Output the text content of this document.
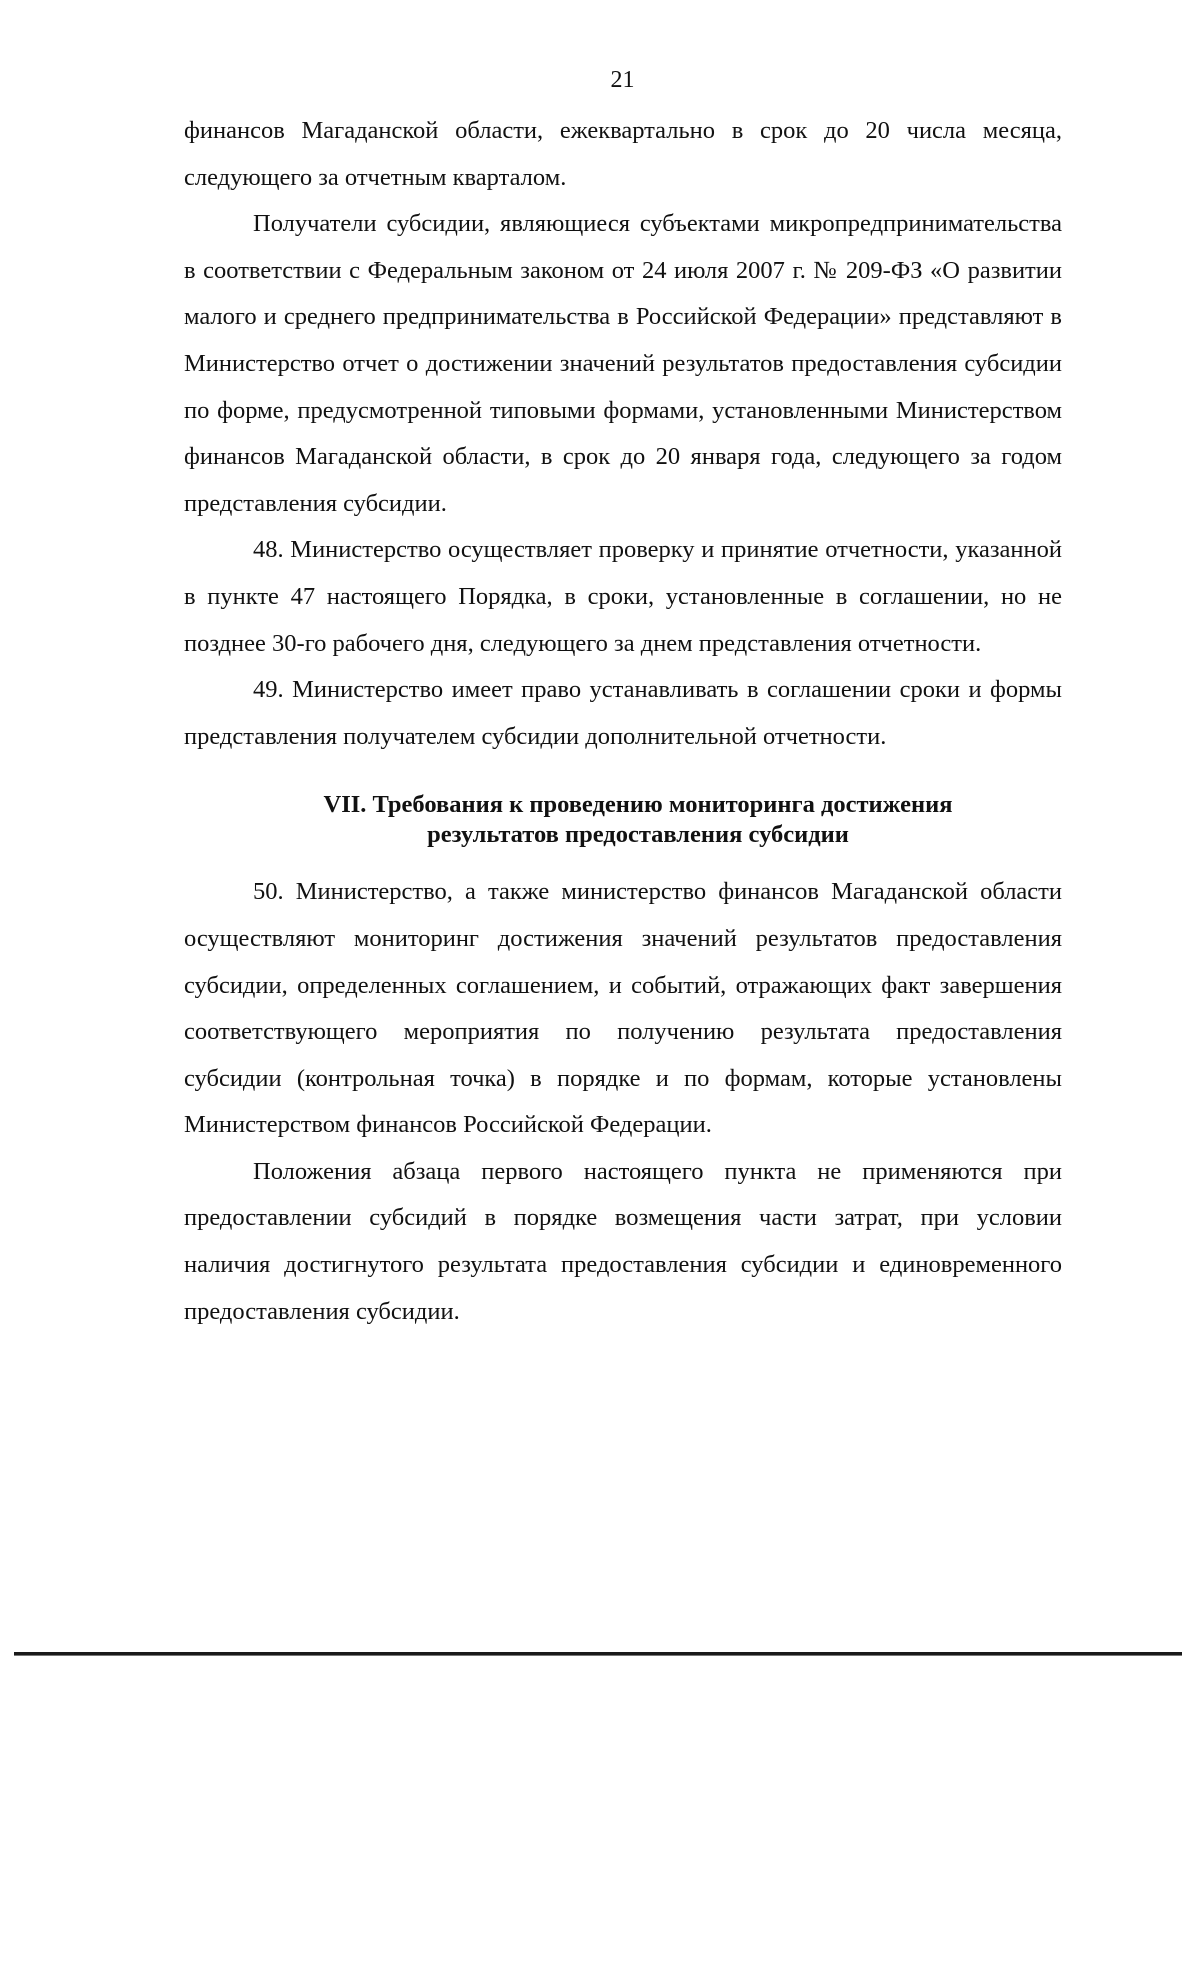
21

финансов Магаданской области, ежеквартально в срок до 20 числа месяца, следующего за отчетным кварталом.

Получатели субсидии, являющиеся субъектами микропредпринимательства в соответствии с Федеральным законом от 24 июля 2007 г. № 209-ФЗ «О развитии малого и среднего предпринимательства в Российской Федерации» представляют в Министерство отчет о достижении значений результатов предоставления субсидии по форме, предусмотренной типовыми формами, установленными Министерством финансов Магаданской области, в срок до 20 января года, следующего за годом представления субсидии.

48. Министерство осуществляет проверку и принятие отчетности, указанной в пункте 47 настоящего Порядка, в сроки, установленные в соглашении, но не позднее 30-го рабочего дня, следующего за днем представления отчетности.

49. Министерство имеет право устанавливать в соглашении сроки и формы представления получателем субсидии дополнительной отчетности.

VII. Требования к проведению мониторинга достижения
результатов предоставления субсидии

50. Министерство, а также министерство финансов Магаданской области осуществляют мониторинг достижения значений результатов предоставления субсидии, определенных соглашением, и событий, отражающих факт завершения соответствующего мероприятия по получению результата предоставления субсидии (контрольная точка) в порядке и по формам, которые установлены Министерством финансов Российской Федерации.

Положения абзаца первого настоящего пункта не применяются при предоставлении субсидий в порядке возмещения части затрат, при условии наличия достигнутого результата предоставления субсидии и единовременного предоставления субсидии.
